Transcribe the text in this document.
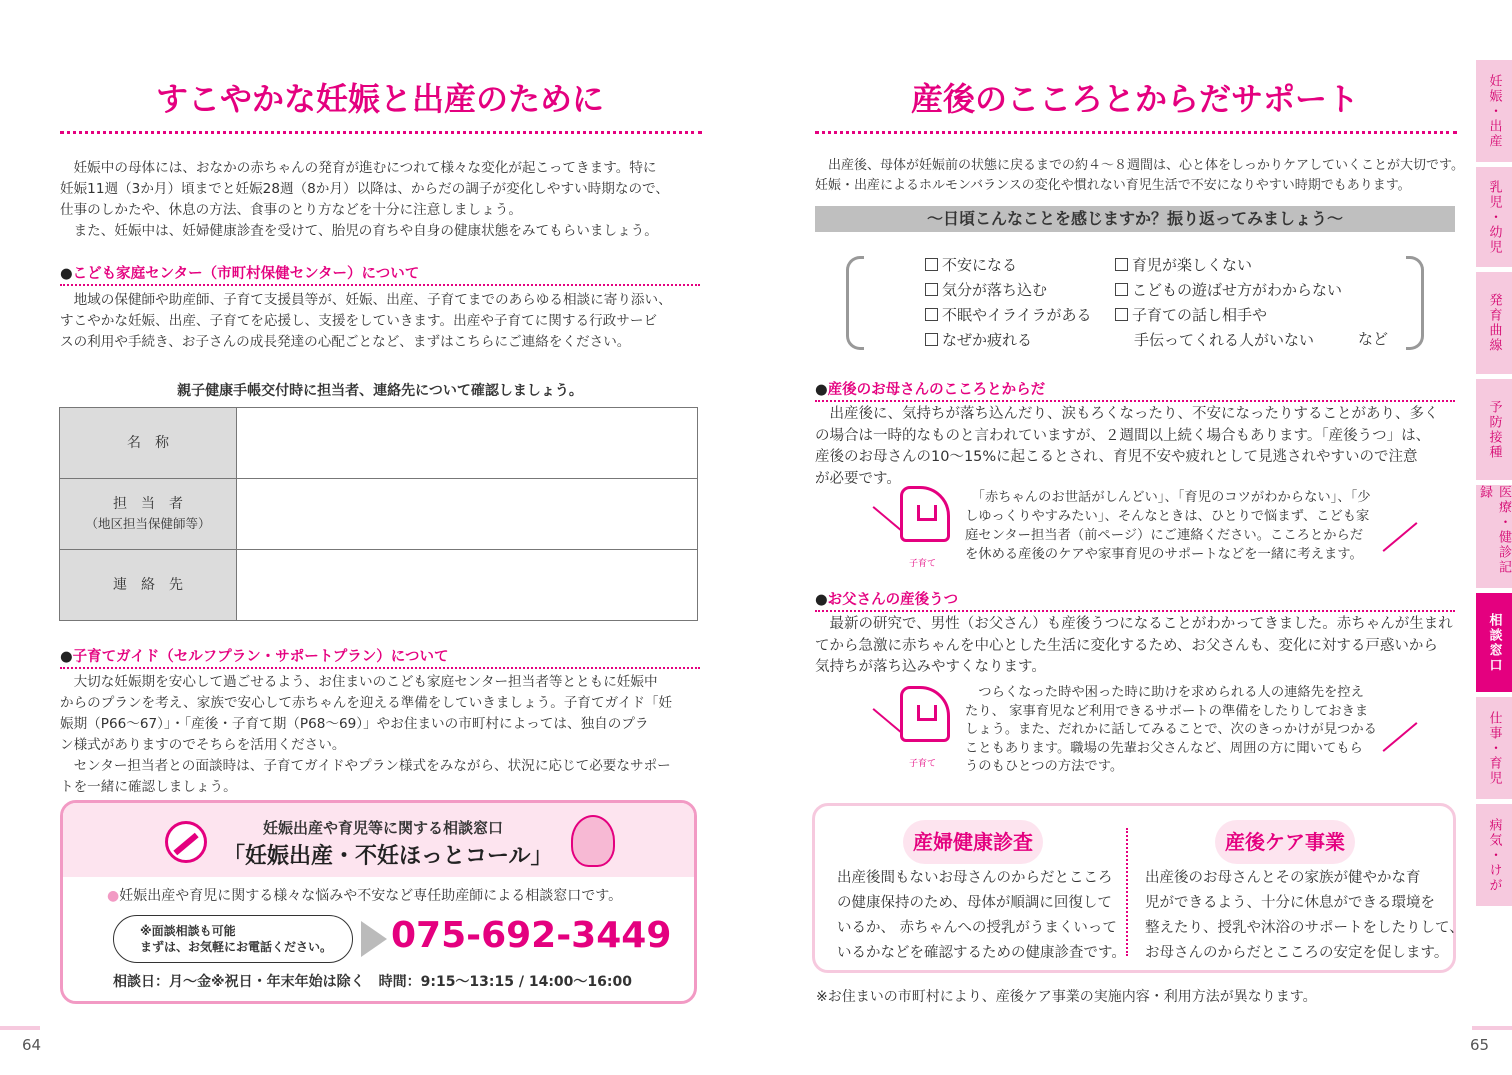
すこやかな妊娠と出産のために
　妊娠中の母体には、おなかの赤ちゃんの発育が進むにつれて様々な変化が起こってきます。特に
妊娠11週（3か月）頃までと妊娠28週（8か月）以降は、からだの調子が変化しやすい時期なので、
仕事のしかたや、休息の方法、食事のとり方などを十分に注意しましょう。
　また、妊娠中は、妊婦健康診査を受けて、胎児の育ちや自身の健康状態をみてもらいましょう。
●こども家庭センター（市町村保健センター）について
　地域の保健師や助産師、子育て支援員等が、妊娠、出産、子育てまでのあらゆる相談に寄り添い、
すこやかな妊娠、出産、子育てを応援し、支援をしていきます。出産や子育てに関する行政サービ
スの利用や手続き、お子さんの成長発達の心配ごとなど、まずはこちらにご連絡をください。
親子健康手帳交付時に担当者、連絡先について確認しましょう。
名　称	

担　当　者
（地区担当保健師等）	

連　絡　先	

●子育てガイド（セルフプラン・サポートプラン）について
　大切な妊娠期を安心して過ごせるよう、お住まいのこども家庭センター担当者等とともに妊娠中
からのプランを考え、家族で安心して赤ちゃんを迎える準備をしていきましょう。子育てガイド「妊
娠期（P66～67）」・「産後・子育て期（P68～69）」やお住まいの市町村によっては、独自のプラ
ン様式がありますのでそちらを活用ください。
　センター担当者との面談時は、子育てガイドやプラン様式をみながら、状況に応じて必要なサポー
トを一緒に確認しましょう。
妊娠出産や育児等に関する相談窓口
「妊娠出産・不妊ほっとコール」
●妊娠出産や育児に関する様々な悩みや不安など専任助産師による相談窓口です。
※面談相談も可能
まずは、お気軽にお電話ください。	075-692-3449
相談日：月～金※祝日・年末年始は除く　時間：9:15～13:15 / 14:00～16:00
64
産後のこころとからだサポート
　出産後、母体が妊娠前の状態に戻るまでの約４～８週間は、心と体をしっかりケアしていくことが大切です。
妊娠・出産によるホルモンバランスの変化や慣れない育児生活で不安になりやすい時期でもあります。
～日頃こんなことを感じますか？振り返ってみましょう～
不安になる
気分が落ち込む
不眠やイライラがある
なぜか疲れる
育児が楽しくない
こどもの遊ばせ方がわからない
子育ての話し相手や
手伝ってくれる人がいない	など
●産後のお母さんのこころとからだ
　出産後に、気持ちが落ち込んだり、涙もろくなったり、不安になったりすることがあり、多く
の場合は一時的なものと言われていますが、２週間以上続く場合もあります。「産後うつ」は、
産後のお母さんの10～15%に起こるとされ、育児不安や疲れとして見逃されやすいので注意
が必要です。
子育て
　「赤ちゃんのお世話がしんどい」、「育児のコツがわからない」、「少
しゆっくりやすみたい」、そんなときは、ひとりで悩まず、こども家
庭センター担当者（前ページ）にご連絡ください。こころとからだ
を休める産後のケアや家事育児のサポートなどを一緒に考えます。
●お父さんの産後うつ
　最新の研究で、男性（お父さん）も産後うつになることがわかってきました。赤ちゃんが生まれ
てから急激に赤ちゃんを中心とした生活に変化するため、お父さんも、変化に対する戸惑いから
気持ちが落ち込みやすくなります。
子育て
　つらくなった時や困った時に助けを求められる人の連絡先を控え
たり、 家事育児など利用できるサポートの準備をしたりしておきま
しょう。また、だれかに話してみることで、次のきっかけが見つかる
こともあります。職場の先輩お父さんなど、周囲の方に聞いてもら
うのもひとつの方法です。
産婦健康診査	産後ケア事業
出産後間もないお母さんのからだとこころ
の健康保持のため、母体が順調に回復して
いるか、 赤ちゃんへの授乳がうまくいって
いるかなどを確認するための健康診査です。
出産後のお母さんとその家族が健やかな育
児ができるよう、十分に休息ができる環境を
整えたり、授乳や沐浴のサポートをしたりして、
お母さんのからだとこころの安定を促します。
※お住まいの市町村により、産後ケア事業の実施内容・利用方法が異なります。
65
妊娠・出産
乳児・幼児
発育曲線
予防接種
医療・健診記録
相談窓口
仕事・育児
病気・けが
